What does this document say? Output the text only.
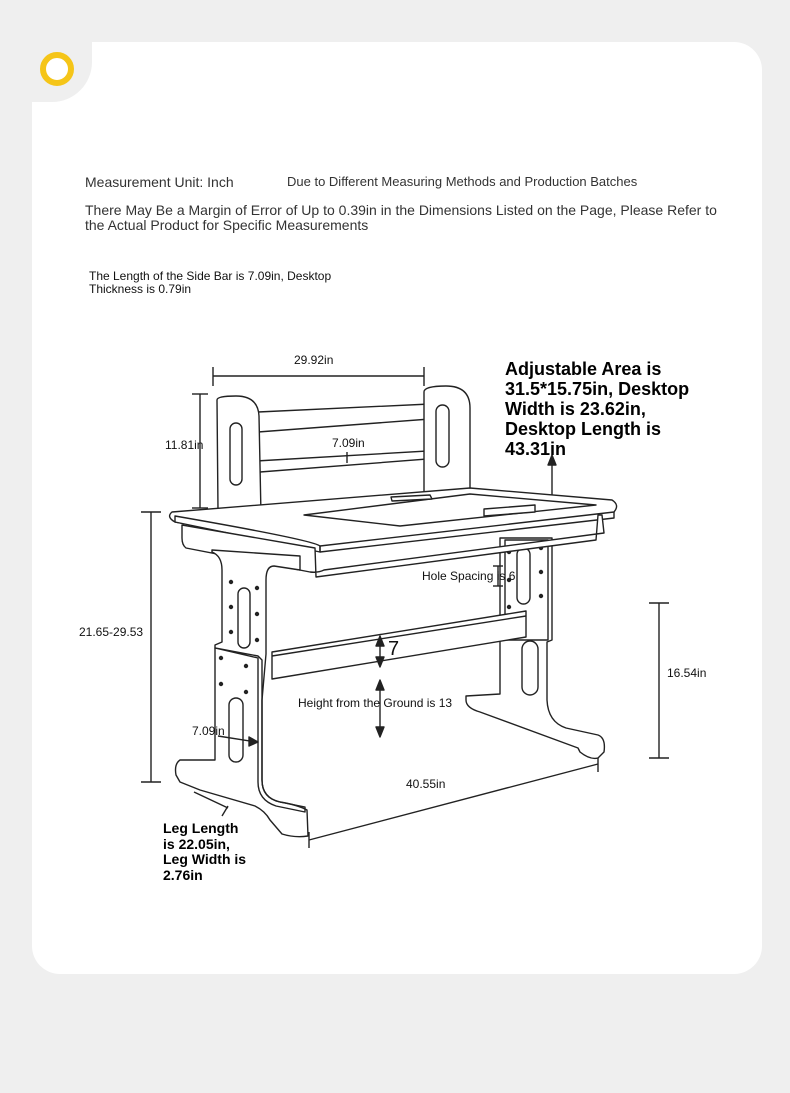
Measurement Unit: Inch	Due to Different Measuring Methods and Production Batches
There May Be a Margin of Error of Up to 0.39in in the Dimensions Listed on the Page, Please Refer to the Actual Product for Specific Measurements
The Length of the Side Bar is 7.09in, Desktop Thickness is 0.79in
29.92in
11.81in	7.09in
Adjustable Area is 31.5*15.75in, Desktop Width is 23.62in, Desktop Length is 43.31in
21.65-29.53
Hole Spacing is 6
7
16.54in
Height from the Ground is 13
7.09in
40.55in
Leg Length is 22.05in, Leg Width is 2.76in
